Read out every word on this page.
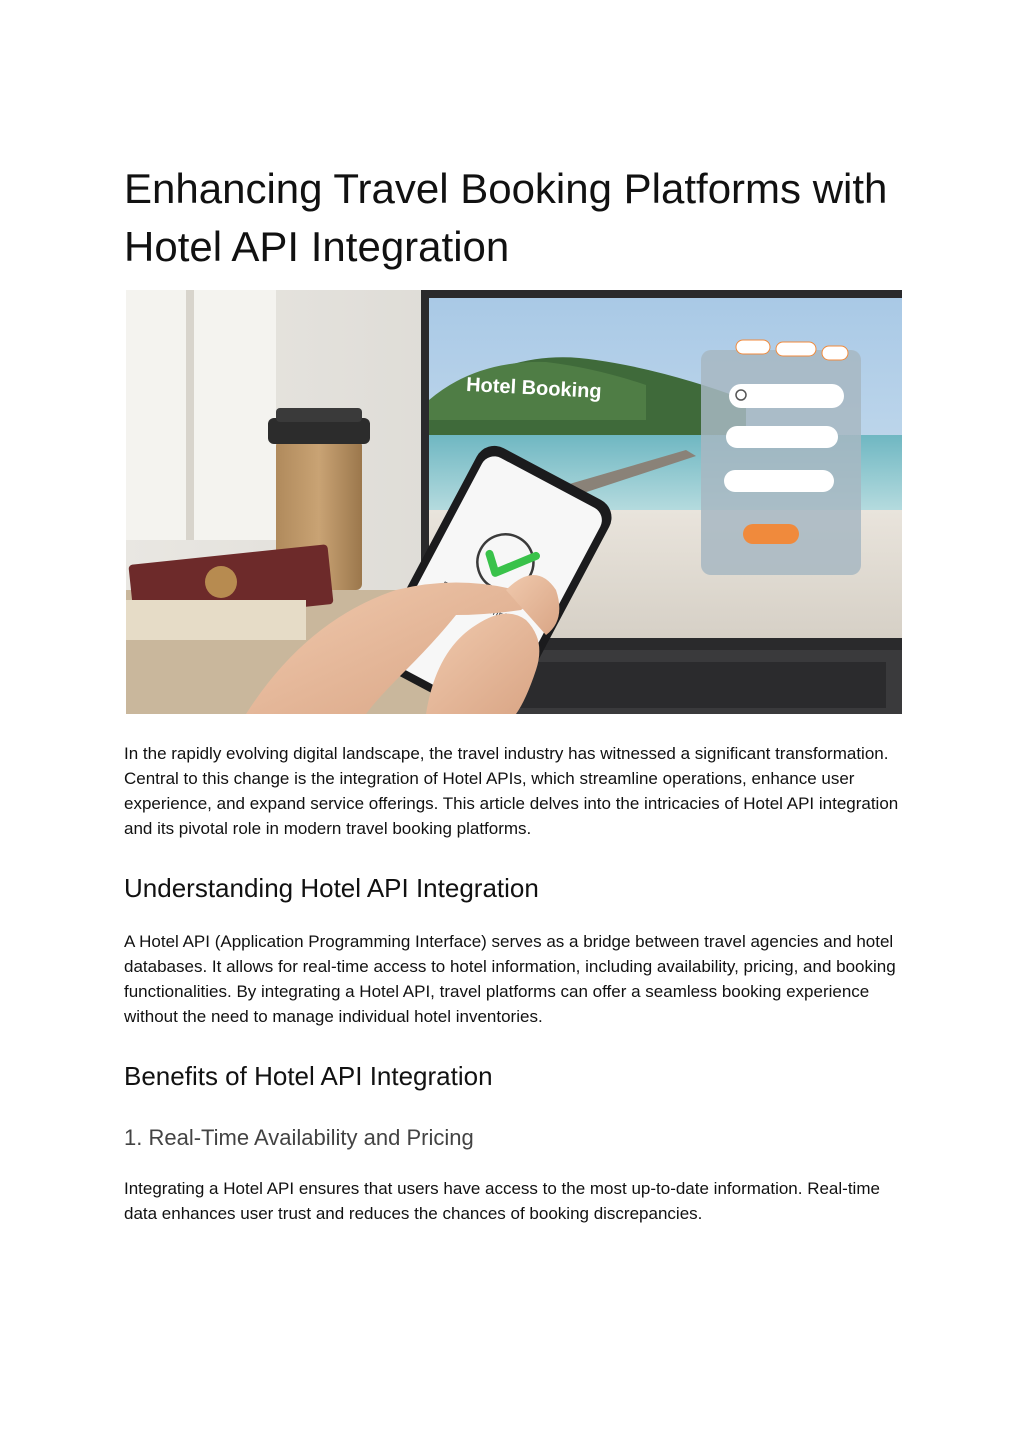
Enhancing Travel Booking Platforms with Hotel API Integration
Hotel Booking

In the rapidly evolving digital landscape, the travel industry has witnessed a significant transformation. Central to this change is the integration of Hotel APIs, which streamline operations, enhance user experience, and expand service offerings. This article delves into the intricacies of Hotel API integration and its pivotal role in modern travel booking platforms.

Understanding Hotel API Integration

A Hotel API (Application Programming Interface) serves as a bridge between travel agencies and hotel databases. It allows for real-time access to hotel information, including availability, pricing, and booking functionalities. By integrating a Hotel API, travel platforms can offer a seamless booking experience without the need to manage individual hotel inventories.

Benefits of Hotel API Integration
1. Real-Time Availability and Pricing

Integrating a Hotel API ensures that users have access to the most up-to-date information. Real-time data enhances user trust and reduces the chances of booking discrepancies.
